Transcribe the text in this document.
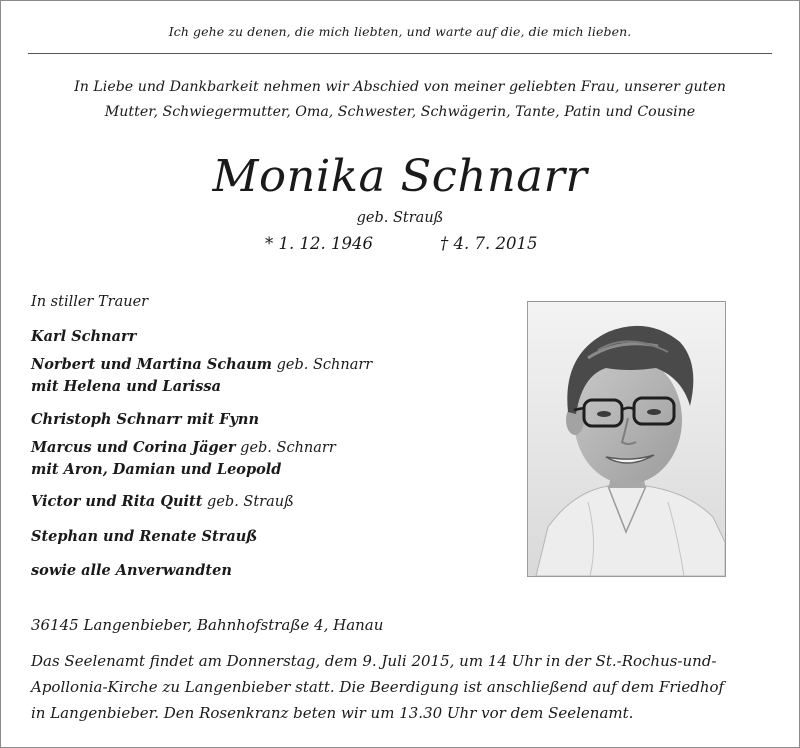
Ich gehe zu denen, die mich liebten, und warte auf die, die mich lieben.
In Liebe und Dankbarkeit nehmen wir Abschied von meiner geliebten Frau, unserer guten
Mutter, Schwiegermutter, Oma, Schwester, Schwägerin, Tante, Patin und Cousine
Monika Schnarr
geb. Strauß
* 1. 12. 1946	† 4. 7. 2015
In stiller Trauer
Karl Schnarr
Norbert und Martina Schaum geb. Schnarr
mit Helena und Larissa
Christoph Schnarr mit Fynn
Marcus und Corina Jäger geb. Schnarr
mit Aron, Damian und Leopold
Victor und Rita Quitt geb. Strauß
Stephan und Renate Strauß
sowie alle Anverwandten
36145 Langenbieber, Bahnhofstraße 4, Hanau
Das Seelenamt findet am Donnerstag, dem 9. Juli 2015, um 14 Uhr in der St.-Rochus-und-
Apollonia-Kirche zu Langenbieber statt. Die Beerdigung ist anschließend auf dem Friedhof
in Langenbieber. Den Rosenkranz beten wir um 13.30 Uhr vor dem Seelenamt.
